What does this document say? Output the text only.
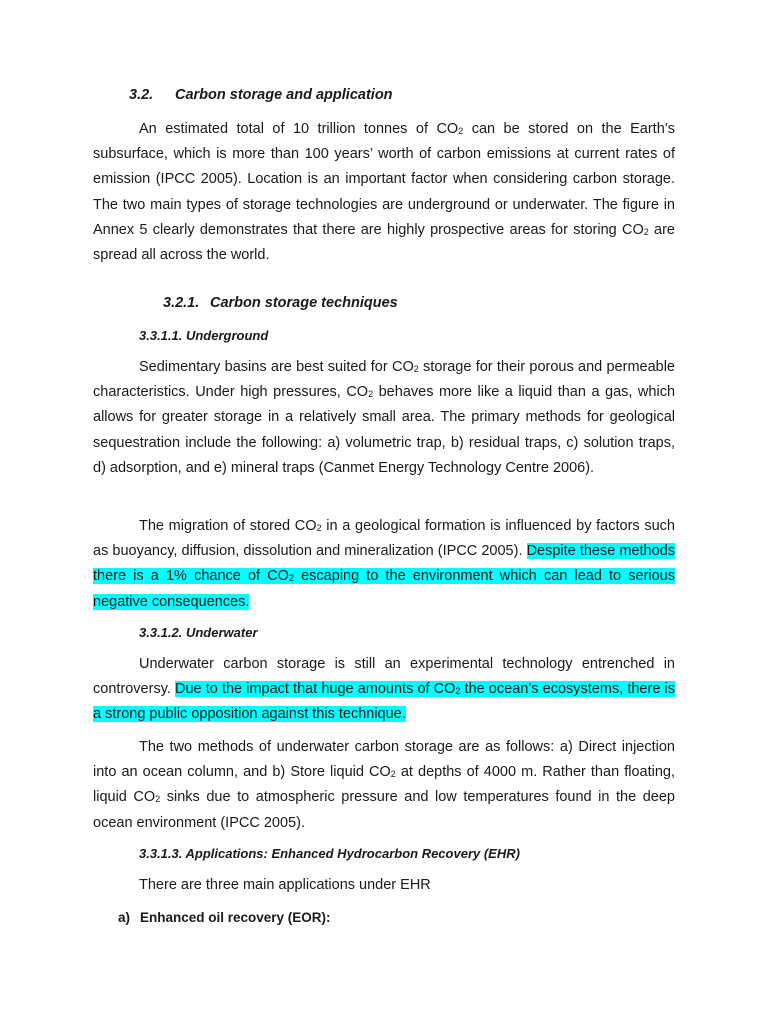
3.2. Carbon storage and application

An estimated total of 10 trillion tonnes of $CO_2$ can be stored on the Earth’s subsurface, which is more than 100 years’ worth of carbon emissions at current rates of emission (IPCC 2005). Location is an important factor when considering carbon storage. The two main types of storage technologies are underground or underwater. The figure in Annex 5 clearly demonstrates that there are highly prospective areas for storing $CO_2$ are spread all across the world.

3.2.1. Carbon storage techniques
3.3.1.1. Underground

Sedimentary basins are best suited for $CO_2$ storage for their porous and permeable characteristics. Under high pressures, $CO_2$ behaves more like a liquid than a gas, which allows for greater storage in a relatively small area. The primary methods for geological sequestration include the following: a) volumetric trap, b) residual traps, c) solution traps, d) adsorption, and e) mineral traps (Canmet Energy Technology Centre 2006).

The migration of stored $CO_2$ in a geological formation is influenced by factors such as buoyancy, diffusion, dissolution and mineralization (IPCC 2005). Despite these methods there is a 1% chance of $CO_2$ escaping to the environment which can lead to serious negative consequences.

3.3.1.2. Underwater

Underwater carbon storage is still an experimental technology entrenched in controversy. Due to the impact that huge amounts of $CO_2$ the ocean’s ecosystems, there is a strong public opposition against this technique.

The two methods of underwater carbon storage are as follows: a) Direct injection into an ocean column, and b) Store liquid $CO_2$ at depths of 4000 m. Rather than floating, liquid $CO_2$ sinks due to atmospheric pressure and low temperatures found in the deep ocean environment (IPCC 2005).

3.3.1.3. Applications: Enhanced Hydrocarbon Recovery (EHR)

There are three main applications under EHR

a) Enhanced oil recovery (EOR):
